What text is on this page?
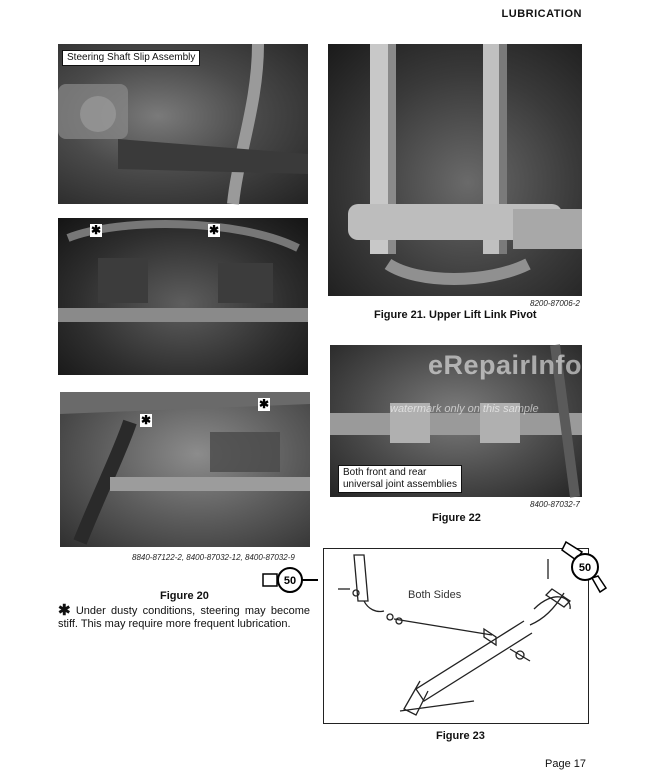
LUBRICATION
Steering Shaft Slip Assembly
✱	✱
✱
✱
8840-87122-2, 8400-87032-12, 8400-87032-9
Figure 20
✱ Under dusty conditions, steering may become stiff. This may require more frequent lubrication.
8200-87006-2
Figure 21. Upper Lift Link Pivot
eRepairInfo.com
watermark only on this sample
Both front and rear
universal joint assemblies
8400-87032-7
Figure 22
Both Sides
50
50
Figure 23
Page 17
